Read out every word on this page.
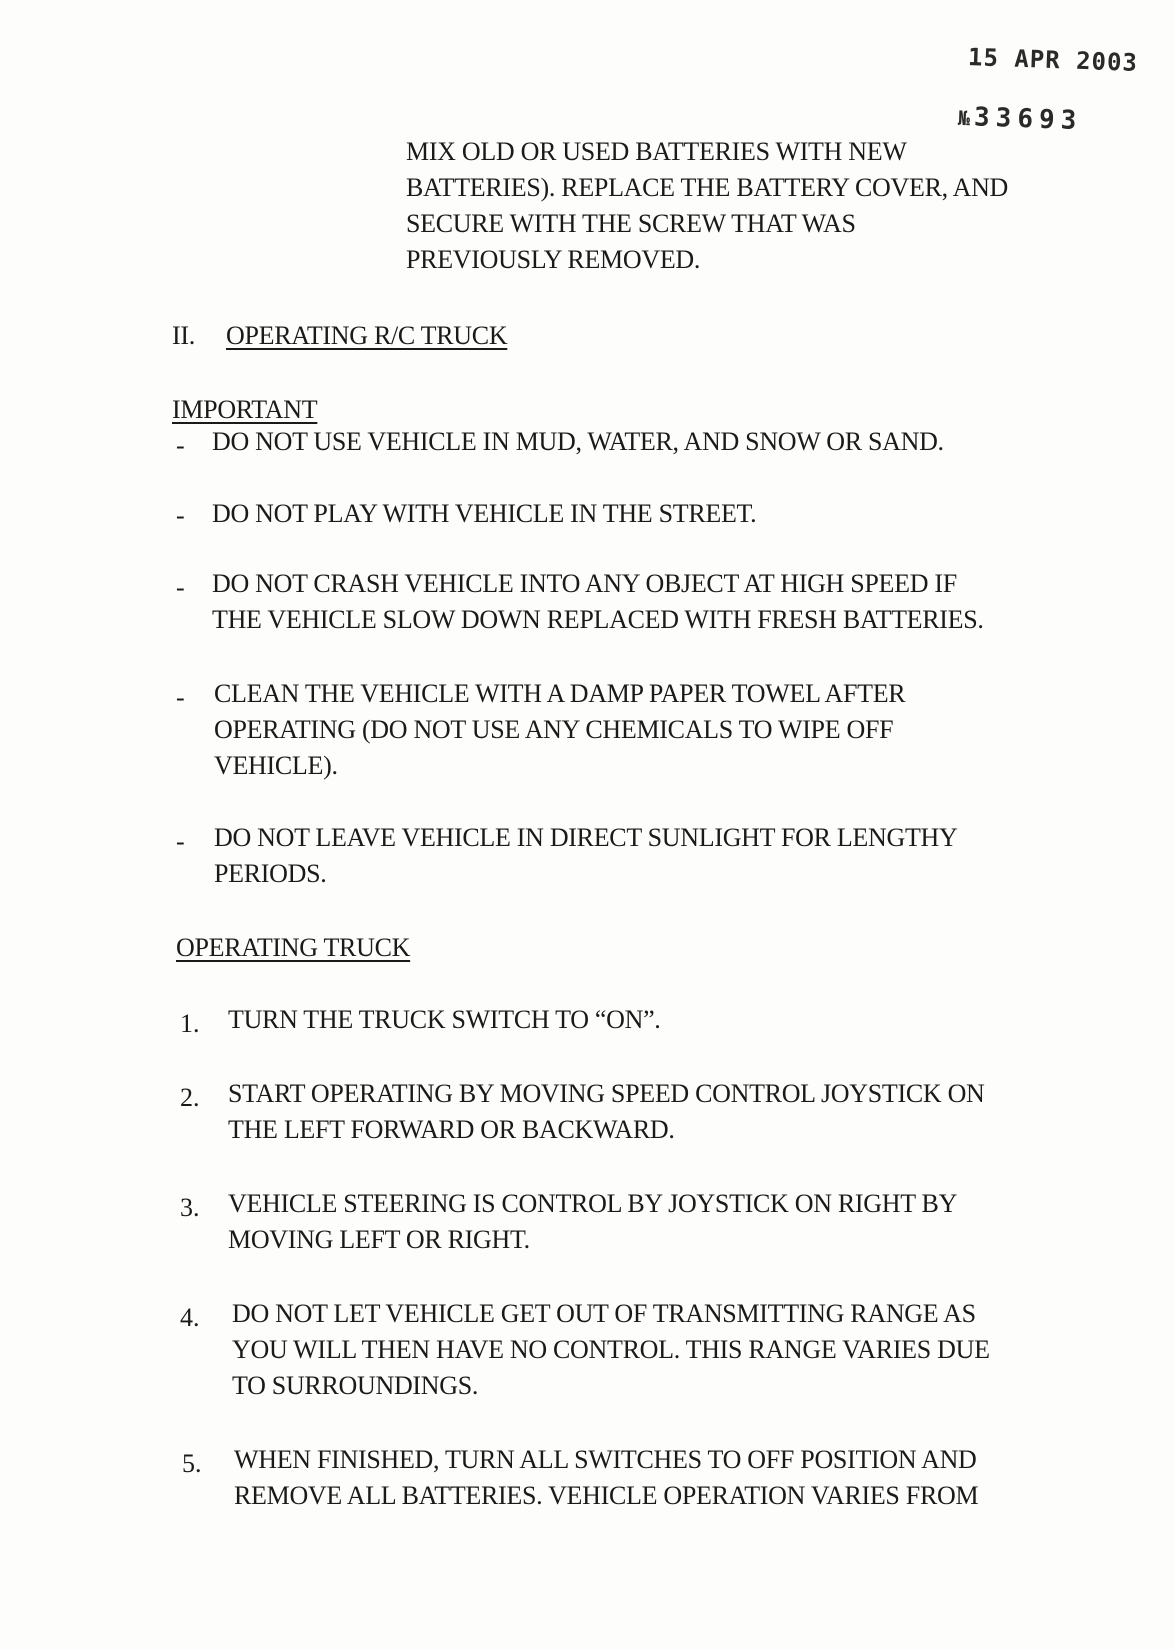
15 APR 2003
№ 33693
MIX OLD OR USED BATTERIES WITH NEW
BATTERIES). REPLACE THE BATTERY COVER, AND
SECURE WITH THE SCREW THAT WAS
PREVIOUSLY REMOVED.
II. OPERATING R/C TRUCK
IMPORTANT
- DO NOT USE VEHICLE IN MUD, WATER, AND SNOW OR SAND.
- DO NOT PLAY WITH VEHICLE IN THE STREET.
- DO NOT CRASH VEHICLE INTO ANY OBJECT AT HIGH SPEED IF
THE VEHICLE SLOW DOWN REPLACED WITH FRESH BATTERIES.
- CLEAN THE VEHICLE WITH A DAMP PAPER TOWEL AFTER
OPERATING (DO NOT USE ANY CHEMICALS TO WIPE OFF
VEHICLE).
- DO NOT LEAVE VEHICLE IN DIRECT SUNLIGHT FOR LENGTHY
PERIODS.
OPERATING TRUCK
1. TURN THE TRUCK SWITCH TO “ON”.
2. START OPERATING BY MOVING SPEED CONTROL JOYSTICK ON
THE LEFT FORWARD OR BACKWARD.
3. VEHICLE STEERING IS CONTROL BY JOYSTICK ON RIGHT BY
MOVING LEFT OR RIGHT.
4. DO NOT LET VEHICLE GET OUT OF TRANSMITTING RANGE AS
YOU WILL THEN HAVE NO CONTROL. THIS RANGE VARIES DUE
TO SURROUNDINGS.
5. WHEN FINISHED, TURN ALL SWITCHES TO OFF POSITION AND
REMOVE ALL BATTERIES. VEHICLE OPERATION VARIES FROM
